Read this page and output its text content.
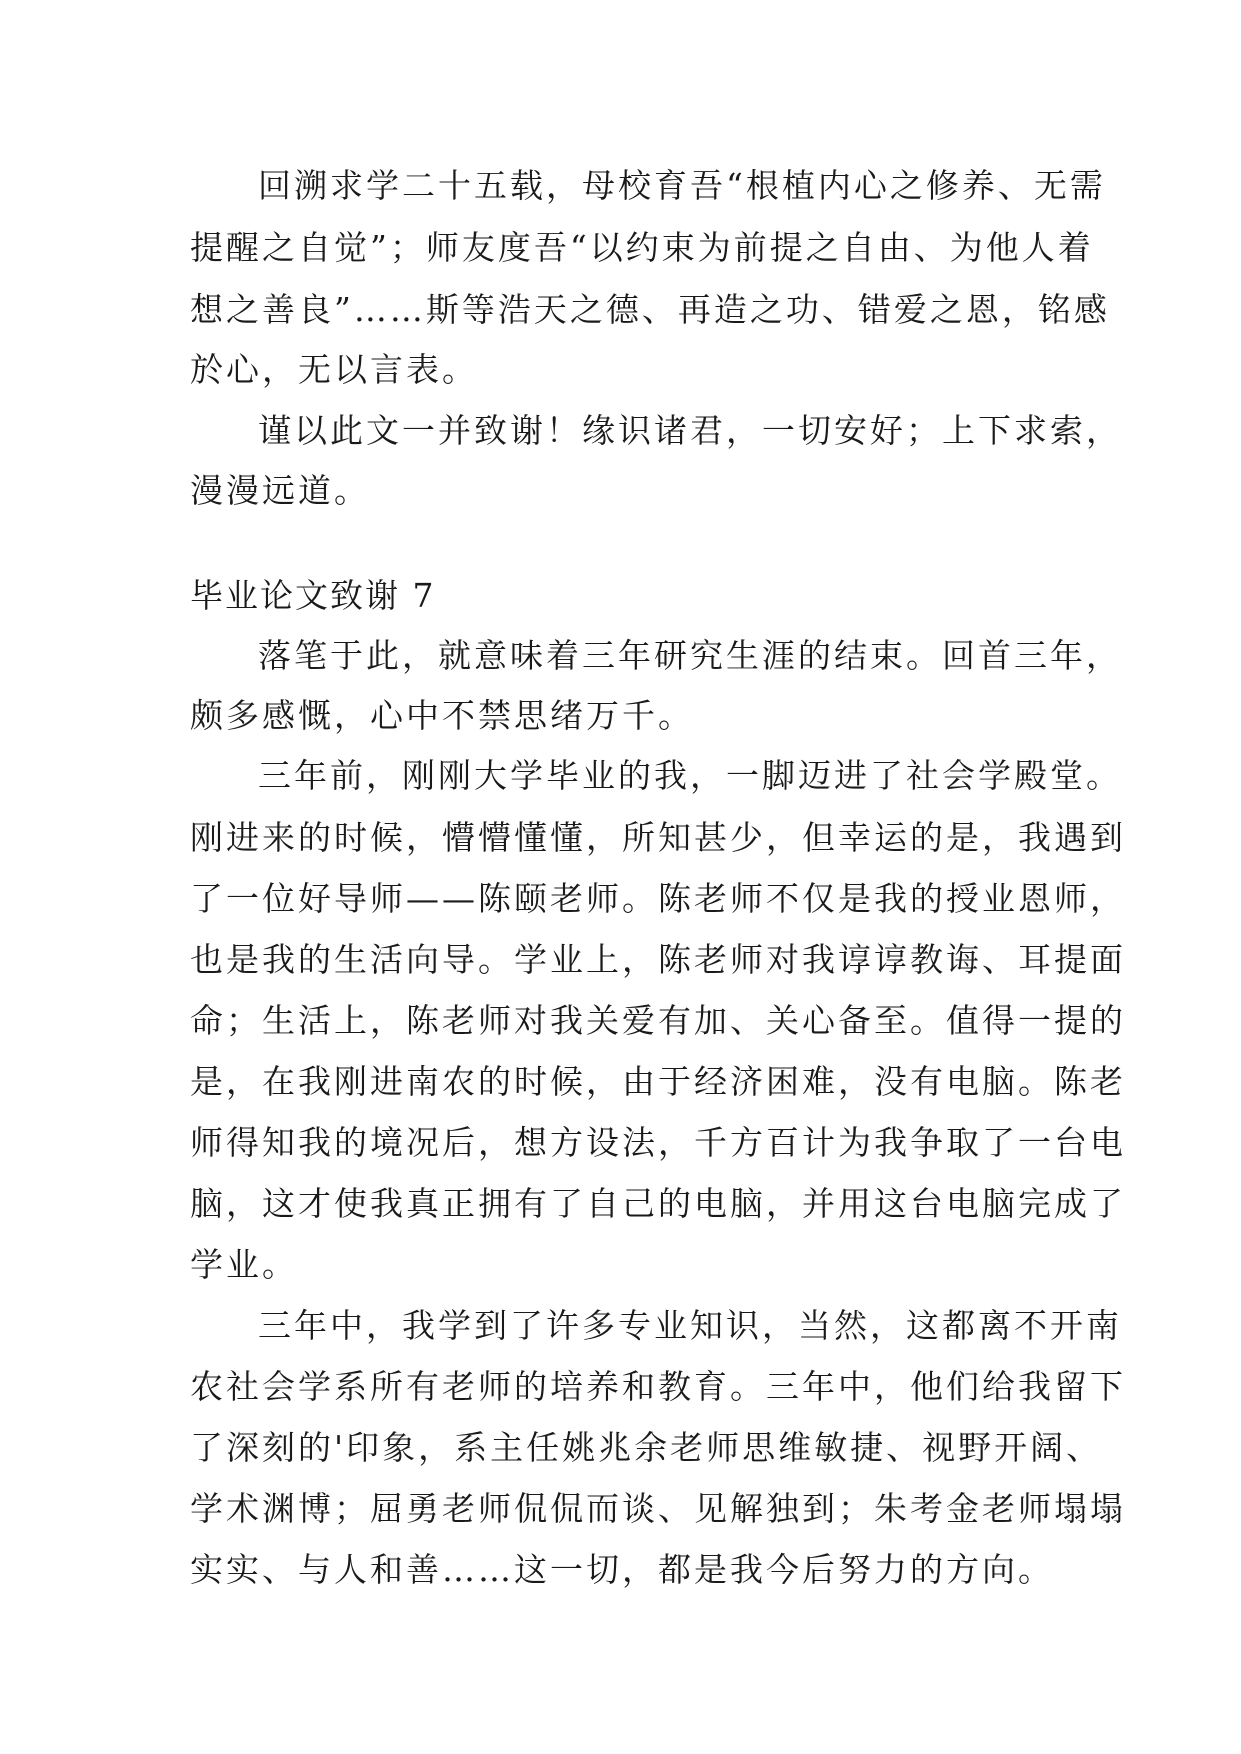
回溯求学二十五载，母校育吾“根植内心之修养、无需
提醒之自觉”；师友度吾“以约束为前提之自由、为他人着
想之善良”……斯等浩天之德、再造之功、错爱之恩，铭感
於心，无以言表。
谨以此文一并致谢！缘识诸君，一切安好；上下求索，
漫漫远道。
毕业论文致谢 7
落笔于此，就意味着三年研究生涯的结束。回首三年，
颇多感慨，心中不禁思绪万千。
三年前，刚刚大学毕业的我，一脚迈进了社会学殿堂。
刚进来的时候，懵懵懂懂，所知甚少，但幸运的是，我遇到
了一位好导师——陈颐老师。陈老师不仅是我的授业恩师，
也是我的生活向导。学业上，陈老师对我谆谆教诲、耳提面
命；生活上，陈老师对我关爱有加、关心备至。值得一提的
是，在我刚进南农的时候，由于经济困难，没有电脑。陈老
师得知我的境况后，想方设法，千方百计为我争取了一台电
脑，这才使我真正拥有了自己的电脑，并用这台电脑完成了
学业。
三年中，我学到了许多专业知识，当然，这都离不开南
农社会学系所有老师的培养和教育。三年中，他们给我留下
了深刻的'印象，系主任姚兆余老师思维敏捷、视野开阔、
学术渊博；屈勇老师侃侃而谈、见解独到；朱考金老师塌塌
实实、与人和善……这一切，都是我今后努力的方向。
